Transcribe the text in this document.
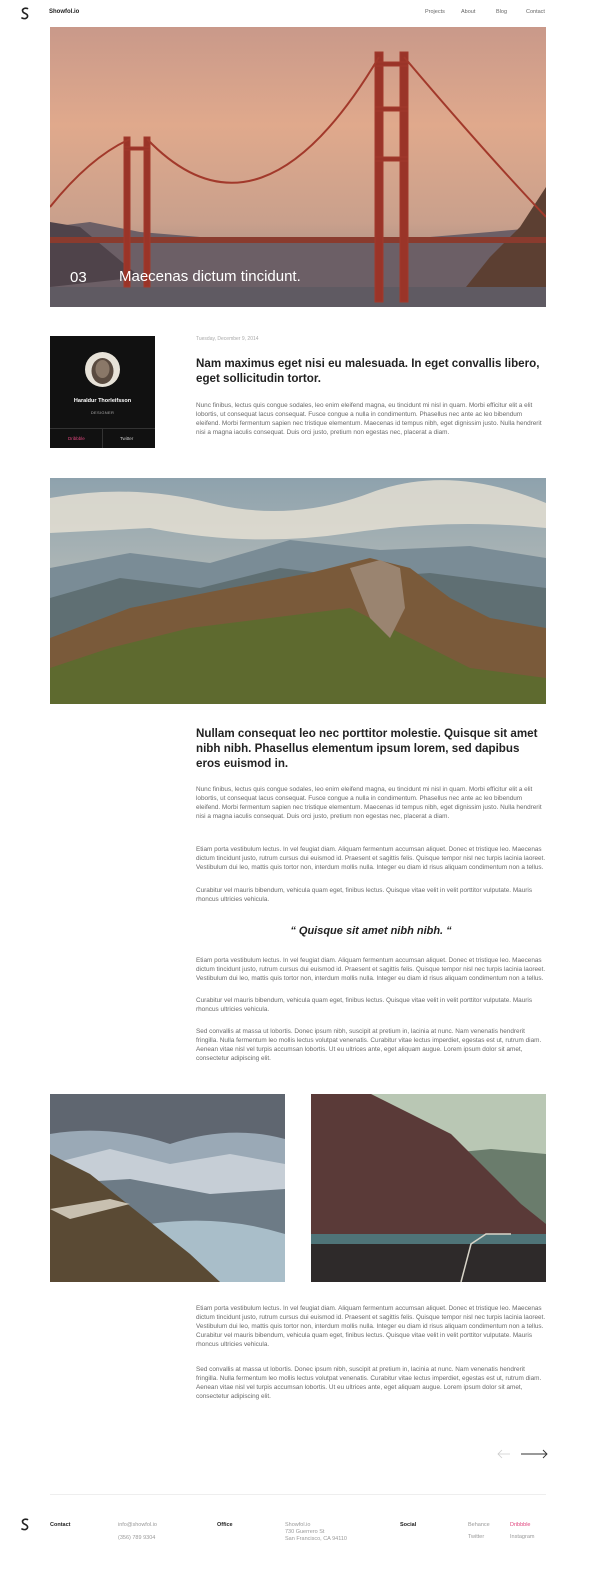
Showfol.io	Projects	About	Blog	Contact
03 Maecenas dictum tincidunt.
Haraldur Thorleifsson
DESIGNER
Dribbble	Twitter
Tuesday, December 9, 2014
Nam maximus eget nisi eu malesuada. In eget convallis libero, eget sollicitudin tortor.
Nunc finibus, lectus quis congue sodales, leo enim eleifend magna, eu tincidunt mi nisl in quam. Morbi efficitur elit a elit lobortis, ut consequat lacus consequat. Fusce congue a nulla in condimentum. Phasellus nec ante ac leo bibendum eleifend. Morbi fermentum sapien nec tristique elementum. Maecenas id tempus nibh, eget dignissim justo. Nulla hendrerit nisi a magna iaculis consequat. Duis orci justo, pretium non egestas nec, placerat a diam.
Nullam consequat leo nec porttitor molestie. Quisque sit amet nibh nibh. Phasellus elementum ipsum lorem, sed dapibus eros euismod in.
Nunc finibus, lectus quis congue sodales, leo enim eleifend magna, eu tincidunt mi nisl in quam. Morbi efficitur elit a elit lobortis, ut consequat lacus consequat. Fusce congue a nulla in condimentum. Phasellus nec ante ac leo bibendum eleifend. Morbi fermentum sapien nec tristique elementum. Maecenas id tempus nibh, eget dignissim justo. Nulla hendrerit nisi a magna iaculis consequat. Duis orci justo, pretium non egestas nec, placerat a diam.
Etiam porta vestibulum lectus. In vel feugiat diam. Aliquam fermentum accumsan aliquet. Donec et tristique leo. Maecenas dictum tincidunt justo, rutrum cursus dui euismod id. Praesent et sagittis felis. Quisque tempor nisl nec turpis lacinia laoreet. Vestibulum dui leo, mattis quis tortor non, interdum mollis nulla. Integer eu diam id risus aliquam condimentum non a tellus.
Curabitur vel mauris bibendum, vehicula quam eget, finibus lectus. Quisque vitae velit in velit porttitor vulputate. Mauris rhoncus ultricies vehicula.
“ Quisque sit amet nibh nibh. “
Etiam porta vestibulum lectus. In vel feugiat diam. Aliquam fermentum accumsan aliquet. Donec et tristique leo. Maecenas dictum tincidunt justo, rutrum cursus dui euismod id. Praesent et sagittis felis. Quisque tempor nisl nec turpis lacinia laoreet. Vestibulum dui leo, mattis quis tortor non, interdum mollis nulla. Integer eu diam id risus aliquam condimentum non a tellus.
Curabitur vel mauris bibendum, vehicula quam eget, finibus lectus. Quisque vitae velit in velit porttitor vulputate. Mauris rhoncus ultricies vehicula.
Sed convallis at massa ut lobortis. Donec ipsum nibh, suscipit at pretium in, lacinia at nunc. Nam venenatis hendrerit fringilla. Nulla fermentum leo mollis lectus volutpat venenatis. Curabitur vitae lectus imperdiet, egestas est ut, rutrum diam. Aenean vitae nisl vel turpis accumsan lobortis. Ut eu ultrices ante, eget aliquam augue. Lorem ipsum dolor sit amet, consectetur adipiscing elit.
Etiam porta vestibulum lectus. In vel feugiat diam. Aliquam fermentum accumsan aliquet. Donec et tristique leo. Maecenas dictum tincidunt justo, rutrum cursus dui euismod id. Praesent et sagittis felis. Quisque tempor nisl nec turpis lacinia laoreet. Vestibulum dui leo, mattis quis tortor non, interdum mollis nulla. Integer eu diam id risus aliquam condimentum non a tellus. Curabitur vel mauris bibendum, vehicula quam eget, finibus lectus. Quisque vitae velit in velit porttitor vulputate. Mauris rhoncus ultricies vehicula.
Sed convallis at massa ut lobortis. Donec ipsum nibh, suscipit at pretium in, lacinia at nunc. Nam venenatis hendrerit fringilla. Nulla fermentum leo mollis lectus volutpat venenatis. Curabitur vitae lectus imperdiet, egestas est ut, rutrum diam. Aenean vitae nisl vel turpis accumsan lobortis. Ut eu ultrices ante, eget aliquam augue. Lorem ipsum dolor sit amet, consectetur adipiscing elit.
Contact	info@showfol.io
(356) 789 9304
Office	Showfol.io
730 Guerrero St
San Francisco, CA 94110
Social	Behance	Dribbble
Twitter	Instagram
